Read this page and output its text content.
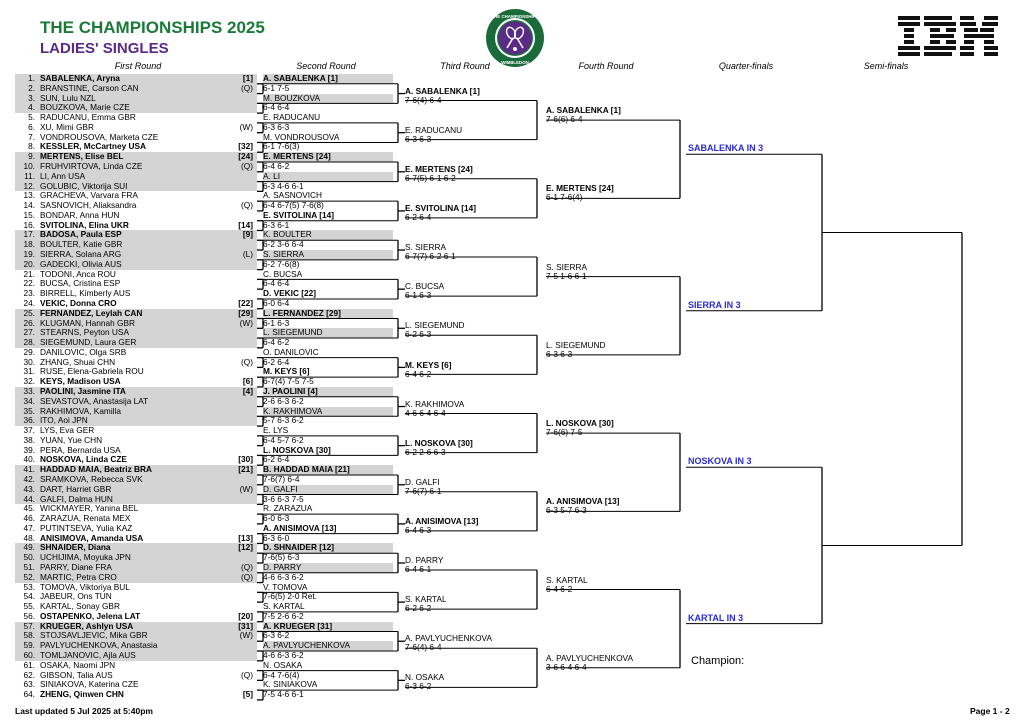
THE CHAMPIONSHIPS 2025
LADIES' SINGLES
THE CHAMPIONSHIPS
WIMBLEDON
First Round	Second Round	Third Round	Fourth Round	Quarter-finals	Semi-finals
1. SABALENKA, Aryna	[1]
2. BRANSTINE, Carson CAN	(Q)
3. SUN, Lulu NZL
4. BOUZKOVA, Marie CZE
5. RADUCANU, Emma GBR
6. XU, Mimi GBR	(W)
7. VONDROUSOVA, Marketa CZE
8. KESSLER, McCartney USA	[32]
9. MERTENS, Elise BEL	[24]
10. FRUHVIRTOVA, Linda CZE	(Q)
11. LI, Ann USA
12. GOLUBIC, Viktorija SUI
13. GRACHEVA, Varvara FRA
14. SASNOVICH, Aliaksandra	(Q)
15. BONDAR, Anna HUN
16. SVITOLINA, Elina UKR	[14]
17. BADOSA, Paula ESP	[9]
18. BOULTER, Katie GBR
19. SIERRA, Solana ARG	(L)
20. GADECKI, Olivia AUS
21. TODONI, Anca ROU
22. BUCSA, Cristina ESP
23. BIRRELL, Kimberly AUS
24. VEKIC, Donna CRO	[22]
25. FERNANDEZ, Leylah CAN	[29]
26. KLUGMAN, Hannah GBR	(W)
27. STEARNS, Peyton USA
28. SIEGEMUND, Laura GER
29. DANILOVIC, Olga SRB
30. ZHANG, Shuai CHN	(Q)
31. RUSE, Elena-Gabriela ROU
32. KEYS, Madison USA	[6]
33. PAOLINI, Jasmine ITA	[4]
34. SEVASTOVA, Anastasija LAT
35. RAKHIMOVA, Kamilla
36. ITO, Aoi JPN
37. LYS, Eva GER
38. YUAN, Yue CHN
39. PERA, Bernarda USA
40. NOSKOVA, Linda CZE	[30]
41. HADDAD MAIA, Beatriz BRA	[21]
42. SRAMKOVA, Rebecca SVK
43. DART, Harriet GBR	(W)
44. GALFI, Dalma HUN
45. WICKMAYER, Yanina BEL
46. ZARAZUA, Renata MEX
47. PUTINTSEVA, Yulia KAZ
48. ANISIMOVA, Amanda USA	[13]
49. SHNAIDER, Diana	[12]
50. UCHIJIMA, Moyuka JPN
51. PARRY, Diane FRA	(Q)
52. MARTIC, Petra CRO	(Q)
53. TOMOVA, Viktoriya BUL
54. JABEUR, Ons TUN
55. KARTAL, Sonay GBR
56. OSTAPENKO, Jelena LAT	[20]
57. KRUEGER, Ashlyn USA	[31]
58. STOJSAVLJEVIC, Mika GBR	(W)
59. PAVLYUCHENKOVA, Anastasia
60. TOMLJANOVIC, Ajla AUS
61. OSAKA, Naomi JPN
62. GIBSON, Talia AUS	(Q)
63. SINIAKOVA, Katerina CZE
64. ZHENG, Qinwen CHN	[5]
A. SABALENKA [1]
6-1 7-5
M. BOUZKOVA
6-4 6-4
E. RADUCANU
6-3 6-3
M. VONDROUSOVA
6-1 7-6(3)
E. MERTENS [24]
6-4 6-2
A. LI
6-3 4-6 6-1
A. SASNOVICH
6-4 6-7(5) 7-6(8)
E. SVITOLINA [14]
6-3 6-1
K. BOULTER
6-2 3-6 6-4
S. SIERRA
6-2 7-6(8)
C. BUCSA
6-4 6-4
D. VEKIC [22]
6-0 6-4
L. FERNANDEZ [29]
6-1 6-3
L. SIEGEMUND
6-4 6-2
O. DANILOVIC
6-2 6-4
M. KEYS [6]
6-7(4) 7-5 7-5
J. PAOLINI [4]
2-6 6-3 6-2
K. RAKHIMOVA
5-7 6-3 6-2
E. LYS
6-4 5-7 6-2
L. NOSKOVA [30]
6-2 6-4
B. HADDAD MAIA [21]
7-6(7) 6-4
D. GALFI
3-6 6-3 7-5
R. ZARAZUA
6-0 6-3
A. ANISIMOVA [13]
6-3 6-0
D. SHNAIDER [12]
7-6(5) 6-3
D. PARRY
4-6 6-3 6-2
V. TOMOVA
7-6(5) 2-0 Ret.
S. KARTAL
7-5 2-6 6-2
A. KRUEGER [31]
6-3 6-2
A. PAVLYUCHENKOVA
4-6 6-3 6-2
N. OSAKA
6-4 7-6(4)
K. SINIAKOVA
7-5 4-6 6-1
A. SABALENKA [1]
7-6(4) 6-4
E. RADUCANU
6-3 6-3
E. MERTENS [24]
6-7(5) 6-1 6-2
E. SVITOLINA [14]
6-2 6-4
S. SIERRA
6-7(7) 6-2 6-1
C. BUCSA
6-1 6-3
L. SIEGEMUND
6-2 6-3
M. KEYS [6]
6-4 6-2
K. RAKHIMOVA
4-6 6-4 6-4
L. NOSKOVA [30]
6-2 2-6 6-3
D. GALFI
7-6(7) 6-1
A. ANISIMOVA [13]
6-4 6-3
D. PARRY
6-4 6-1
S. KARTAL
6-2 6-2
A. PAVLYUCHENKOVA
7-6(4) 6-4
N. OSAKA
6-3 6-2
A. SABALENKA [1]
7-6(6) 6-4
E. MERTENS [24]
6-1 7-6(4)
S. SIERRA
7-5 1-6 6-1
L. SIEGEMUND
6-3 6-3
L. NOSKOVA [30]
7-6(6) 7-5
A. ANISIMOVA [13]
6-3 5-7 6-3
S. KARTAL
6-4 6-2
A. PAVLYUCHENKOVA
3-6 6-4 6-4
SABALENKA IN 3
SIERRA IN 3
NOSKOVA IN 3
KARTAL IN 3
Champion:
Last updated 5 Jul 2025 at 5:40pm	Page 1 - 2
